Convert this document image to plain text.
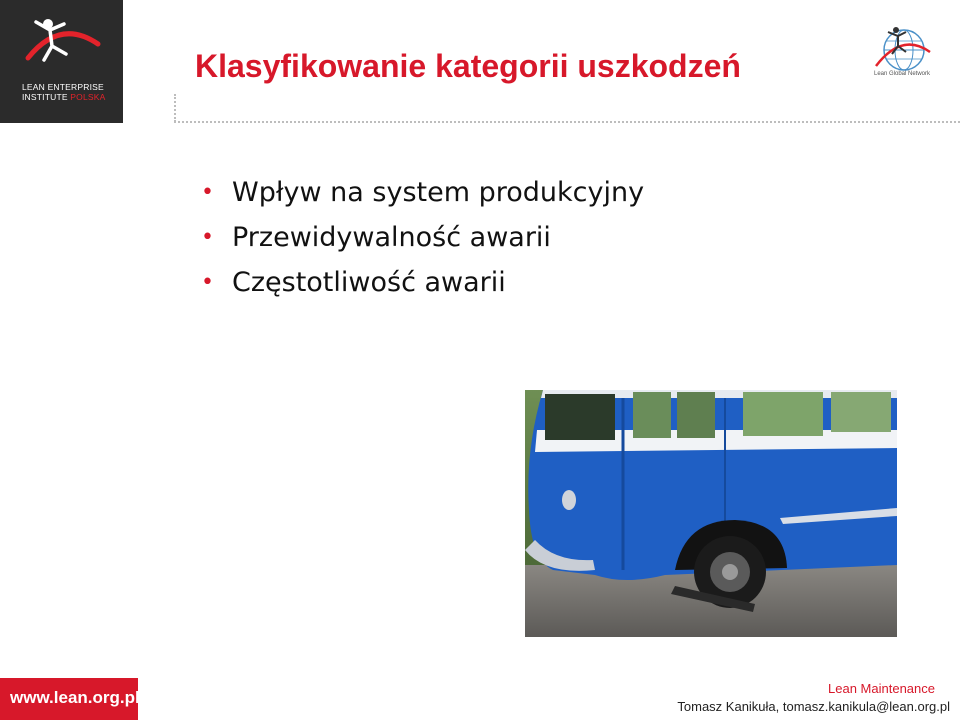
LEAN ENTERPRISE
INSTITUTE POLSKA
Klasyfikowanie kategorii uszkodzeń	Lean Global Network
• Wpływ na system produkcyjny
• Przewidywalność awarii
• Częstotliwość awarii
www.lean.org.pl	Lean Maintenance
Tomasz Kanikuła, tomasz.kanikula@lean.org.pl
